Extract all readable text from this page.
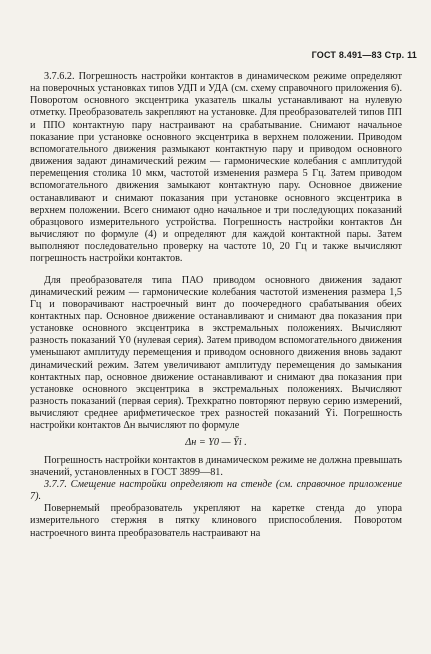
ГОСТ 8.491—83 Стр. 11

3.7.6.2. Погрешность настройки контактов в динамическом режиме определяют на поверочных установках типов УДП и УДА (см. схему справочного приложения 6). Поворотом основного эксцентрика указатель шкалы устанавливают на нулевую отметку. Преобразователь закрепляют на установке. Для преобразователей типов ПП и ППО контактную пару настраивают на срабатывание. Снимают начальное показание при установке основного эксцентрика в верхнем положении. Приводом вспомогательного движения размыкают контактную пару и приводом основного движения задают динамический режим — гармонические колебания с амплитудой перемещения столика 10 мкм, частотой изменения размера 5 Гц. Затем приводом вспомогательного движения замыкают контактную пару. Основное движение останавливают и снимают показания при установке основного эксцентрика в верхнем положении. Всего снимают одно начальное и три последующих показаний образцового измерительного устройства. Погрешность настройки контактов Δн вычисляют по формуле (4) и определяют для каждой контактной пары. Затем выполняют последовательно проверку на частоте 10, 20 Гц и также вычисляют погрешность настройки контактов.

Для преобразователя типа ПАО приводом основного движения задают динамический режим — гармонические колебания частотой изменения размера 1,5 Гц и поворачивают настроечный винт до поочередного срабатывания обеих контактных пар. Основное движение останавливают и снимают два показания при установке основного эксцентрика в экстремальных положениях. Вычисляют разность показаний Y0 (нулевая серия). Затем приводом вспомогательного движения уменьшают амплитуду перемещения и приводом основного движения вновь задают динамический режим. Затем увеличивают амплитуду перемещения до замыкания контактных пар, основное движение останавливают и снимают два показания при установке основного эксцентрика в экстремальных положениях. Вычисляют разность показаний (первая серия). Трехкратно повторяют первую серию измерений, вычисляют среднее арифметическое трех разностей показаний Ȳi. Погрешность настройки контактов Δн вычисляют по формуле

Δн = Y0 — Ȳi .

Погрешность настройки контактов в динамическом режиме не должна превышать значений, установленных в ГОСТ 3899—81.

3.7.7. Смещение настройки определяют на стенде (см. справочное приложение 7).

Повернемый преобразователь укрепляют на каретке стенда до упора измерительного стержня в пятку клинового приспособления. Поворотом настроечного винта преобразователь настраивают на
